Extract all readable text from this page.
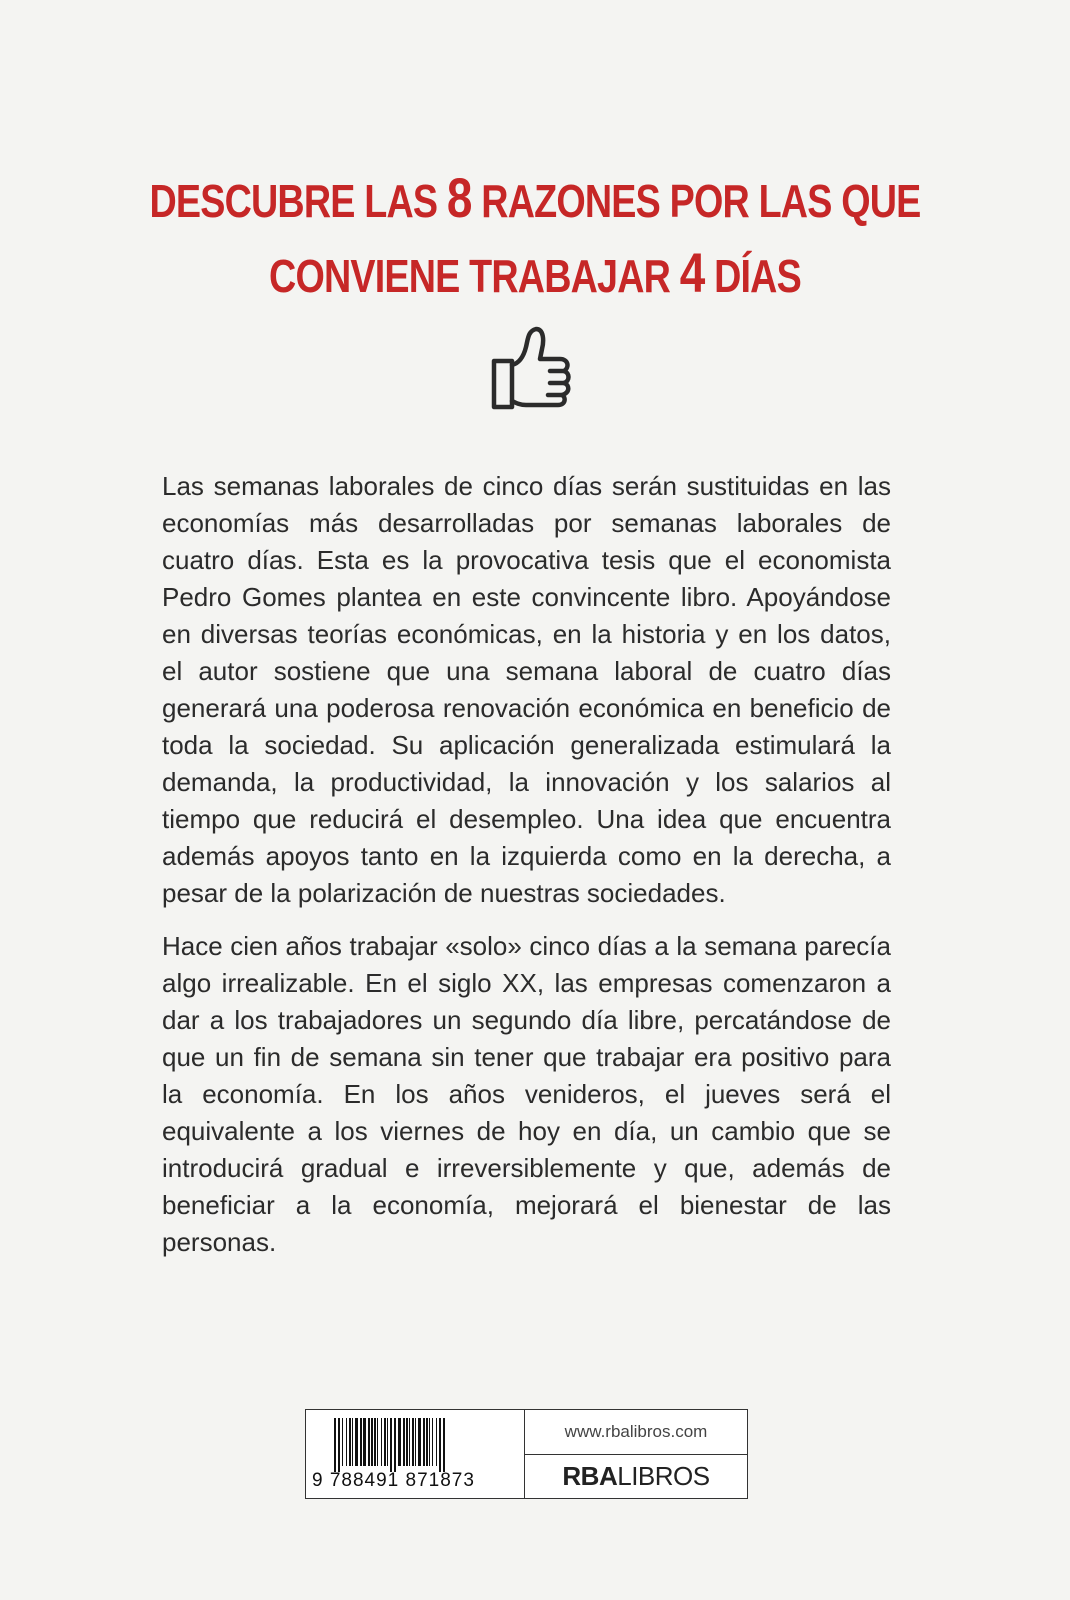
DESCUBRE LAS 8 RAZONES POR LAS QUE
CONVIENE TRABAJAR 4 DÍAS

Las semanas laborales de cinco días serán sustituidas en las economías más desarrolladas por semanas laborales de cuatro días. Esta es la provocativa tesis que el economista Pedro Gomes plantea en este convincente libro. Apoyándose en diversas teorías económicas, en la historia y en los datos, el autor sostiene que una semana laboral de cuatro días generará una poderosa renovación económica en beneficio de toda la sociedad. Su aplicación generalizada estimulará la demanda, la productividad, la innovación y los salarios al tiempo que reducirá el desempleo. Una idea que encuentra además apoyos tanto en la izquierda como en la derecha, a pesar de la polarización de nuestras sociedades.

Hace cien años trabajar «solo» cinco días a la semana parecía algo irrealizable. En el siglo XX, las empresas comenzaron a dar a los trabajadores un segundo día libre, percatándose de que un fin de semana sin tener que trabajar era positivo para la economía. En los años venideros, el jueves será el equivalente a los viernes de hoy en día, un cambio que se introducirá gradual e irreversiblemente y que, además de beneficiar a la economía, mejorará el bienestar de las personas.

9 788491 871873
www.rbalibros.com
RBA LIBROS
